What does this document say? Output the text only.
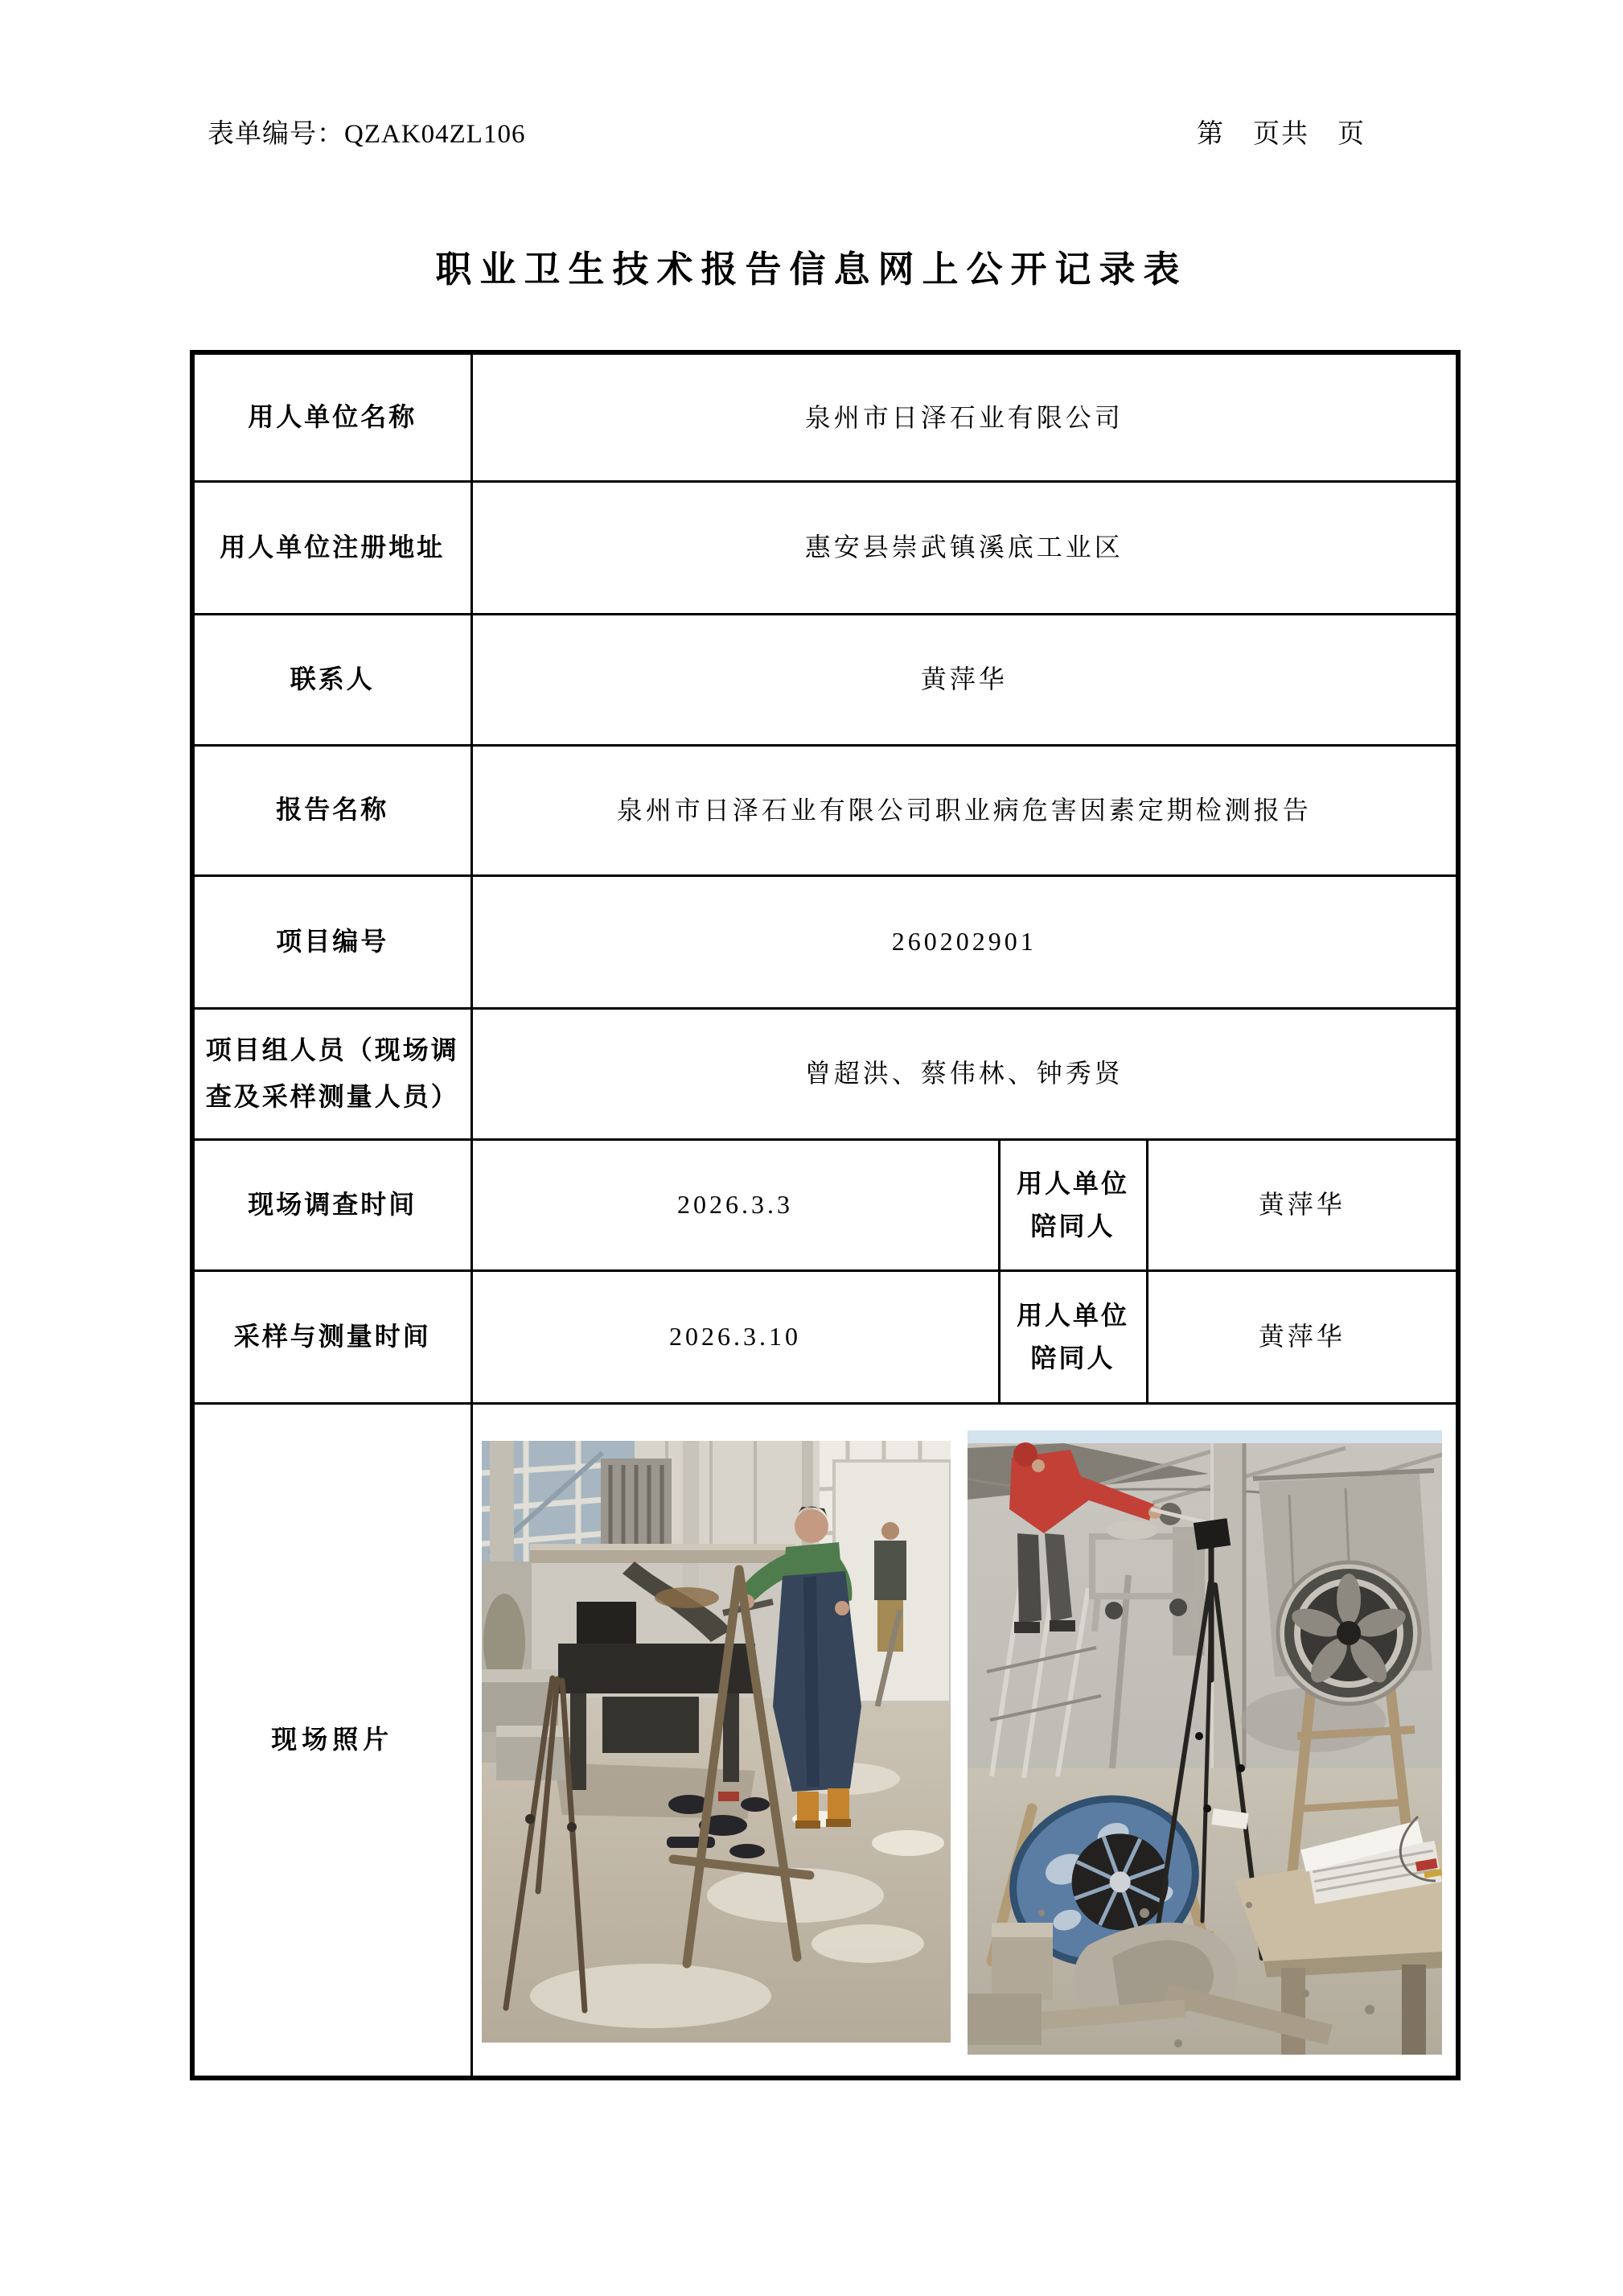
表单编号：QZAK04ZL106	第　页共　页
职业卫生技术报告信息网上公开记录表
用人单位名称	泉州市日泽石业有限公司		
用人单位注册地址	惠安县崇武镇溪底工业区		
联系人	黄萍华		
报告名称	泉州市日泽石业有限公司职业病危害因素定期检测报告		
项目编号	260202901		
项目组人员（现场调查及采样测量人员）	曾超洪、蔡伟林、钟秀贤		
现场调查时间	2026.3.3	用人单位陪同人	黄萍华
采样与测量时间	2026.3.10	用人单位陪同人	黄萍华
现场照片	
